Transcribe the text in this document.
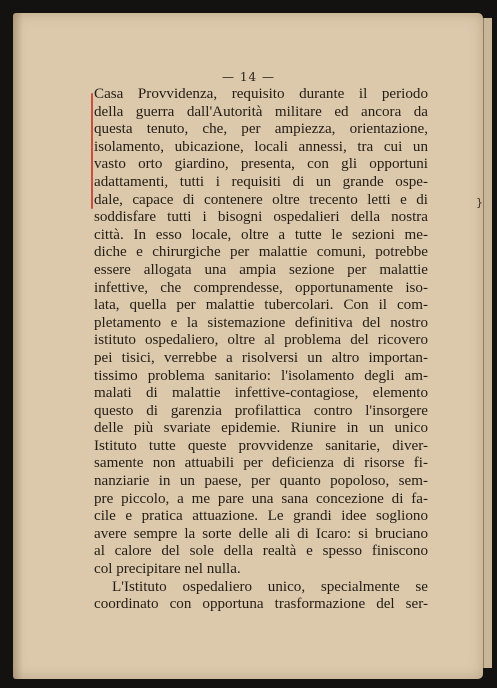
— 14 —
}
Casa Provvidenza, requisito durante il periodo
della guerra dall'Autorità militare ed ancora da
questa tenuto, che, per ampiezza, orientazione,
isolamento, ubicazione, locali annessi, tra cui un
vasto orto giardino, presenta, con gli opportuni
adattamenti, tutti i requisiti di un grande ospe-
dale, capace di contenere oltre trecento letti e di
soddisfare tutti i bisogni ospedalieri della nostra
città. In esso locale, oltre a tutte le sezioni me-
diche e chirurgiche per malattie comuni, potrebbe
essere allogata una ampia sezione per malattie
infettive, che comprendesse, opportunamente iso-
lata, quella per malattie tubercolari. Con il com-
pletamento e la sistemazione definitiva del nostro
istituto ospedaliero, oltre al problema del ricovero
pei tisici, verrebbe a risolversi un altro importan-
tissimo problema sanitario: l'isolamento degli am-
malati di malattie infettive-contagiose, elemento
questo di garenzia profilattica contro l'insorgere
delle più svariate epidemie. Riunire in un unico
Istituto tutte queste provvidenze sanitarie, diver-
samente non attuabili per deficienza di risorse fi-
nanziarie in un paese, per quanto popoloso, sem-
pre piccolo, a me pare una sana concezione di fa-
cile e pratica attuazione. Le grandi idee sogliono
avere sempre la sorte delle ali di Icaro: si bruciano
al calore del sole della realtà e spesso finiscono
col precipitare nel nulla.
L'Istituto ospedaliero unico, specialmente se
coordinato con opportuna trasformazione del ser-
